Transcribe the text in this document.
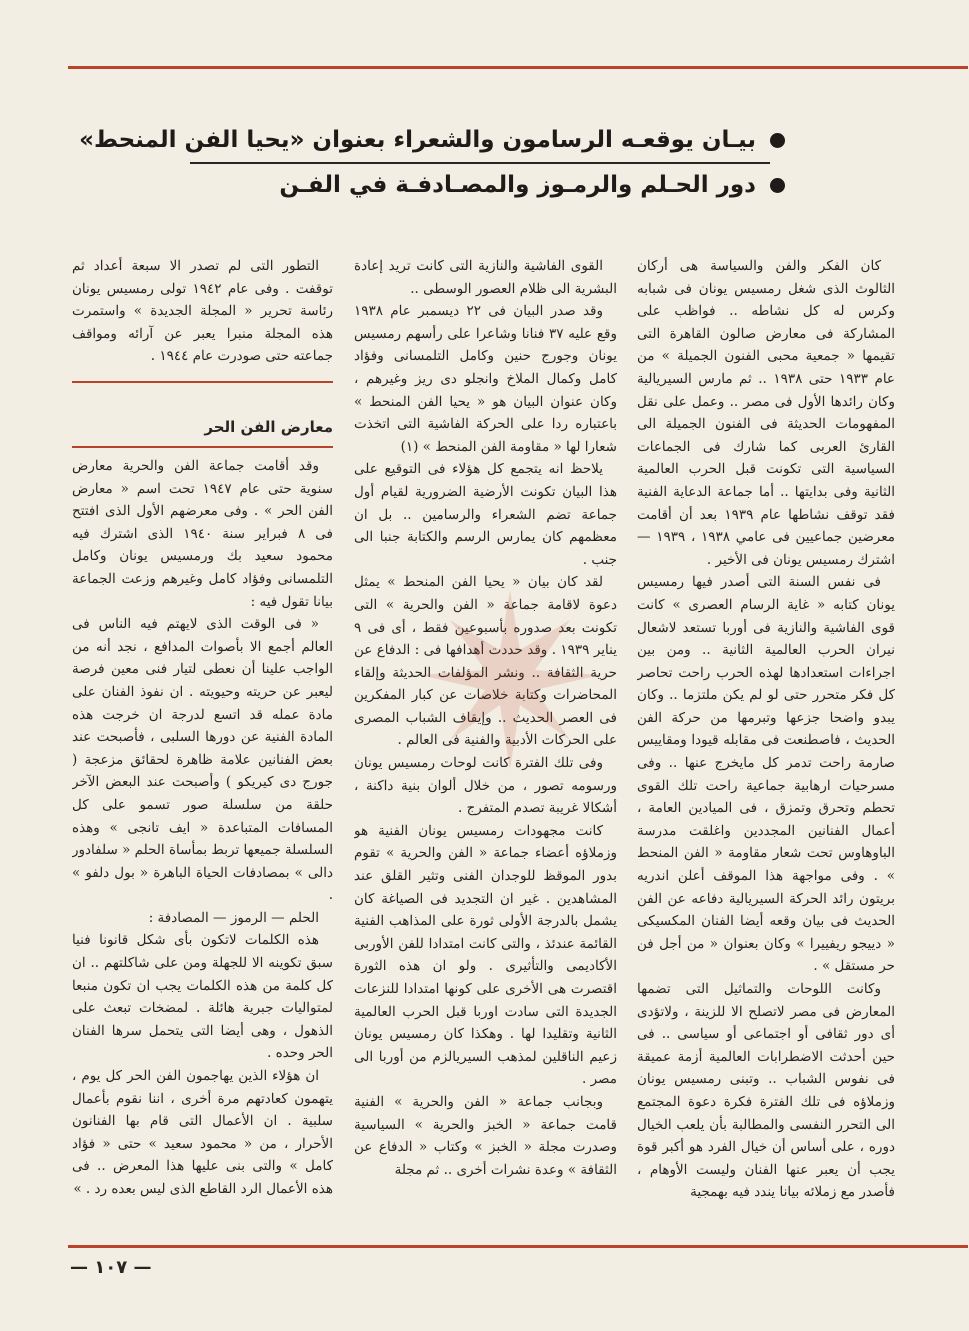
بيـان يوقعـه الرسامون والشعراء بعنوان «يحيا الفن المنحط»
دور الحـلم والرمـوز والمصـادفـة في الفـن

كان الفكر والفن والسياسة هى أركان الثالوث الذى شغل رمسيس يونان فى شبابه وكرس له كل نشاطه .. فواظب على المشاركة فى معارض صالون القاهرة التى تقيمها « جمعية محبى الفنون الجميلة » من عام ١٩٣٣ حتى ١٩٣٨ .. ثم مارس السيريالية وكان رائدها الأول فى مصر .. وعمل على نقل المفهومات الحديثة فى الفنون الجميلة الى القارئ العربى كما شارك فى الجماعات السياسية التى تكونت قبل الحرب العالمية الثانية وفى بدايتها .. أما جماعة الدعاية الفنية فقد توقف نشاطها عام ١٩٣٩ بعد أن أقامت معرضين جماعيين فى عامي ١٩٣٨ ، ١٩٣٩ — اشترك رمسيس يونان فى الأخير .

فى نفس السنة التى أصدر فيها رمسيس يونان كتابه « غاية الرسام العصرى » كانت قوى الفاشية والنازية فى أوربا تستعد لاشعال نيران الحرب العالمية الثانية .. ومن بين اجراءات استعدادها لهذه الحرب راحت تحاصر كل فكر متحرر حتى لو لم يكن ملتزما .. وكان يبدو واضحا جزعها وتبرمها من حركة الفن الحديث ، فاصطنعت فى مقابله قيودا ومقاييس صارمة راحت تدمر كل مايخرج عنها .. وفى مسرحيات ارهابية جماعية راحت تلك القوى تحطم وتحرق وتمزق ، فى الميادين العامة ، أعمال الفنانين المجددين واغلقت مدرسة الباوهاوس تحت شعار مقاومة « الفن المنحط » . وفى مواجهة هذا الموقف أعلن اندريه بريتون رائد الحركة السيريالية دفاعه عن الفن الحديث فى بيان وقعه أيضا الفنان المكسيكى « دييجو ريفييرا » وكان بعنوان « من أجل فن حر مستقل » .

وكانت اللوحات والتماثيل التى تضمها المعارض فى مصر لاتصلح الا للزينة ، ولاتؤدى أى دور ثقافى أو اجتماعى أو سياسى .. فى حين أحدثت الاضطرابات العالمية أزمة عميقة فى نفوس الشباب .. وتبنى رمسيس يونان وزملاؤه فى تلك الفترة فكرة دعوة المجتمع الى التحرر النفسى والمطالبة بأن يلعب الخيال دوره ، على أساس أن خيال الفرد هو أكبر قوة يجب أن يعبر عنها الفنان وليست الأوهام ، فأصدر مع زملائه بيانا يندد فيه بهمجية

القوى الفاشية والنازية التى كانت تريد إعادة البشرية الى ظلام العصور الوسطى ..

وقد صدر البيان فى ٢٢ ديسمبر عام ١٩٣٨ وقع عليه ٣٧ فنانا وشاعرا على رأسهم رمسيس يونان وجورج حنين وكامل التلمسانى وفؤاد كامل وكمال الملاخ وانجلو دى ريز وغيرهم ، وكان عنوان البيان هو « يحيا الفن المنحط » باعتباره ردا على الحركة الفاشية التى اتخذت شعارا لها « مقاومة الفن المنحط » (١)

يلاحظ انه يتجمع كل هؤلاء فى التوقيع على هذا البيان تكونت الأرضية الضرورية لقيام أول جماعة تضم الشعراء والرسامين .. بل ان معظمهم كان يمارس الرسم والكتابة جنبا الى جنب .

لقد كان بيان « يحيا الفن المنحط » يمثل دعوة لاقامة جماعة « الفن والحرية » التى تكونت بعد صدوره بأسبوعين فقط ، أى فى ٩ يناير ١٩٣٩ . وقد حددت أهدافها فى : الدفاع عن حرية الثقافة .. ونشر المؤلفات الحديثة وإلقاء المحاضرات وكتابة خلاصات عن كبار المفكرين فى العصر الحديث .. وإيقاف الشباب المصرى على الحركات الأدبية والفنية فى العالم .

وفى تلك الفترة كانت لوحات رمسيس يونان ورسومه تصور ، من خلال ألوان بنية داكنة ، أشكالا غريبة تصدم المتفرج .

كانت مجهودات رمسيس يونان الفنية هو وزملاؤه أعضاء جماعة « الفن والحرية » تقوم بدور الموقظ للوجدان الفنى وتثير القلق عند المشاهدين . غير ان التجديد فى الصياغة كان يشمل بالدرجة الأولى ثورة على المذاهب الفنية القائمة عندئذ ، والتى كانت امتدادا للفن الأوربى الأكاديمى والتأثيرى . ولو ان هذه الثورة اقتصرت هى الأخرى على كونها امتدادا للنزعات الجديدة التى سادت اوربا قبل الحرب العالمية الثانية وتقليدا لها . وهكذا كان رمسيس يونان زعيم الناقلين لمذهب السيريالزم من أوربا الى مصر .

وبجانب جماعة « الفن والحرية » الفنية قامت جماعة « الخبز والحرية » السياسية وصدرت مجلة « الخبز » وكتاب « الدفاع عن الثقافة » وعدة نشرات أخرى .. ثم مجلة

التطور التى لم تصدر الا سبعة أعداد ثم توقفت . وفى عام ١٩٤٢ تولى رمسيس يونان رئاسة تحرير « المجلة الجديدة » واستمرت هذه المجلة منبرا يعبر عن آرائه ومواقف جماعته حتى صودرت عام ١٩٤٤ .

معارض الفن الحر

وقد أقامت جماعة الفن والحرية معارض سنوية حتى عام ١٩٤٧ تحت اسم « معارض الفن الحر » . وفى معرضهم الأول الذى افتتح فى ٨ فبراير سنة ١٩٤٠ الذى اشترك فيه محمود سعيد بك ورمسيس يونان وكامل التلمسانى وفؤاد كامل وغيرهم وزعت الجماعة بيانا تقول فيه :

« فى الوقت الذى لايهتم فيه الناس فى العالم أجمع الا بأصوات المدافع ، نجد أنه من الواجب علينا أن نعطى لتيار فنى معين فرصة ليعبر عن حريته وحيويته . ان نفوذ الفنان على مادة عمله قد اتسع لدرجة ان خرجت هذه المادة الفنية عن دورها السلبى ، فأصبحت عند بعض الفنانين علامة ظاهرة لحقائق مزعجة ( جورج دى كيريكو ) وأصبحت عند البعض الآخر حلقة من سلسلة صور تسمو على كل المسافات المتباعدة « ايف تانجى » وهذه السلسلة جميعها تربط بمأساة الحلم « سلفادور دالى » بمصادفات الحياة الباهرة « بول دلفو » .

الحلم — الرموز — المصادفة :

هذه الكلمات لاتكون بأى شكل قانونا فنيا سبق تكوينه الا للجهلة ومن على شاكلتهم .. ان كل كلمة من هذه الكلمات يجب ان تكون منبعا لمتواليات جبرية هائلة . لمضخات تبعث على الذهول ، وهى أيضا التى يتحمل سرها الفنان الحر وحده .

ان هؤلاء الذين يهاجمون الفن الحر كل يوم ، يتهمون كعادتهم مرة أخرى ، اننا نقوم بأعمال سلبية . ان الأعمال التى قام بها الفنانون الأحرار ، من « محمود سعيد » حتى « فؤاد كامل » والتى بنى عليها هذا المعرض .. فى هذه الأعمال الرد القاطع الذى ليس بعده رد . »

— ١٠٧ —
